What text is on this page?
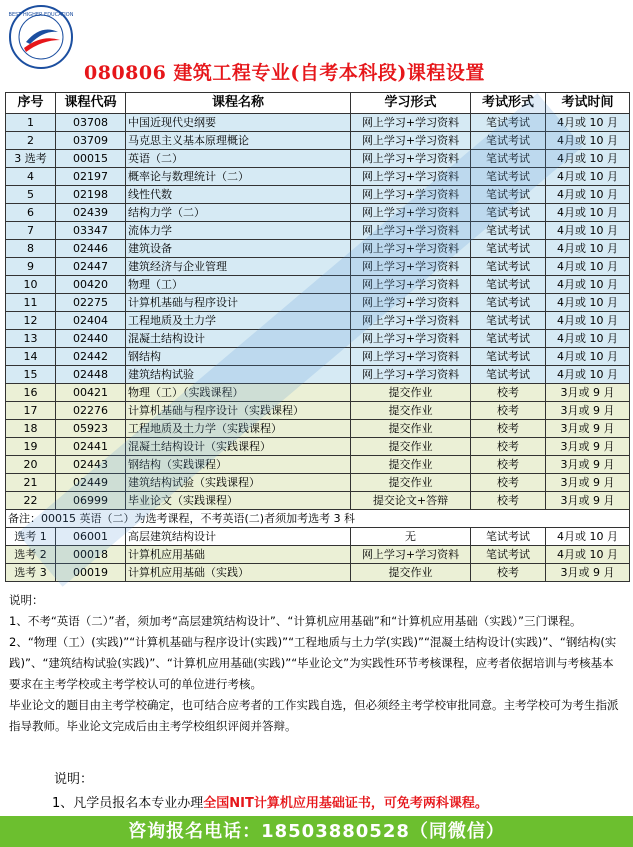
BEST HIGHER EDUCATION
080806 建筑工程专业(自考本科段)课程设置
序号	课程代码	课程名称	学习形式	考试形式	考试时间
1	03708	中国近现代史纲要	网上学习+学习资料	笔试考试	4月或 10 月
2	03709	马克思主义基本原理概论	网上学习+学习资料	笔试考试	4月或 10 月
3 选考	00015	英语（二）	网上学习+学习资料	笔试考试	4月或 10 月
4	02197	概率论与数理统计（二）	网上学习+学习资料	笔试考试	4月或 10 月
5	02198	线性代数	网上学习+学习资料	笔试考试	4月或 10 月
6	02439	结构力学（二）	网上学习+学习资料	笔试考试	4月或 10 月
7	03347	流体力学	网上学习+学习资料	笔试考试	4月或 10 月
8	02446	建筑设备	网上学习+学习资料	笔试考试	4月或 10 月
9	02447	建筑经济与企业管理	网上学习+学习资料	笔试考试	4月或 10 月
10	00420	物理（工）	网上学习+学习资料	笔试考试	4月或 10 月
11	02275	计算机基础与程序设计	网上学习+学习资料	笔试考试	4月或 10 月
12	02404	工程地质及土力学	网上学习+学习资料	笔试考试	4月或 10 月
13	02440	混凝土结构设计	网上学习+学习资料	笔试考试	4月或 10 月
14	02442	钢结构	网上学习+学习资料	笔试考试	4月或 10 月
15	02448	建筑结构试验	网上学习+学习资料	笔试考试	4月或 10 月
16	00421	物理（工）（实践课程）	提交作业	校考	3月或 9 月
17	02276	计算机基础与程序设计（实践课程）	提交作业	校考	3月或 9 月
18	05923	工程地质及土力学（实践课程）	提交作业	校考	3月或 9 月
19	02441	混凝土结构设计（实践课程）	提交作业	校考	3月或 9 月
20	02443	钢结构（实践课程）	提交作业	校考	3月或 9 月
21	02449	建筑结构试验（实践课程）	提交作业	校考	3月或 9 月
22	06999	毕业论文（实践课程）	提交论文+答辩	校考	3月或 9 月
备注：00015 英语（二）为选考课程，不考英语(二)者须加考选考 3 科					
选考 1	06001	高层建筑结构设计	无	笔试考试	4月或 10 月
选考 2	00018	计算机应用基础	网上学习+学习资料	笔试考试	4月或 10 月
选考 3	00019	计算机应用基础（实践）	提交作业	校考	3月或 9 月

说明：

1、不考“英语（二）”者，须加考“高层建筑结构设计”、“计算机应用基础”和“计算机应用基础（实践）”三门课程。

2、“物理（工）(实践)”“计算机基础与程序设计(实践)”“工程地质与土力学(实践)”“混凝土结构设计(实践)”、“钢结构(实践)”、“建筑结构试验(实践)”、“计算机应用基础(实践)”“毕业论文”为实践性环节考核课程，应考者依据培训与考核基本要求在主考学校或主考学校认可的单位进行考核。

毕业论文的题目由主考学校确定，也可结合应考者的工作实践自选，但必须经主考学校审批同意。主考学校可为考生指派指导教师。毕业论文完成后由主考学校组织评阅并答辩。

说明：
1、凡学员报名本专业办理全国NIT计算机应用基础证书，可免考两科课程。
咨询报名电话：18503880528（同微信）
